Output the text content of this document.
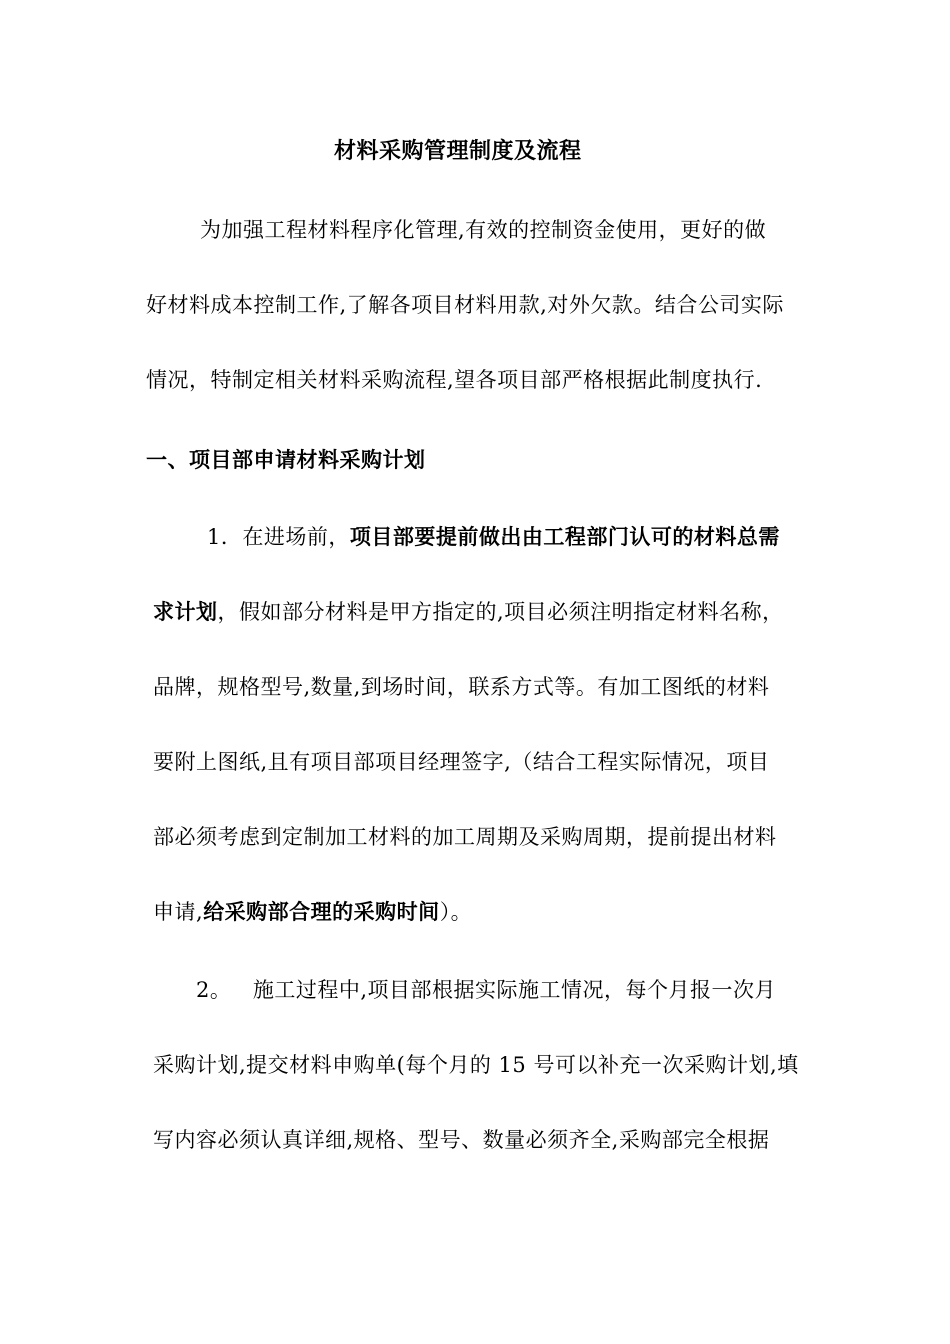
材料采购管理制度及流程
为加强工程材料程序化管理,有效的控制资金使用，更好的做
好材料成本控制工作,了解各项目材料用款,对外欠款。结合公司实际
情况，特制定相关材料采购流程,望各项目部严格根据此制度执行.
一、项目部申请材料采购计划
1．在进场前，项目部要提前做出由工程部门认可的材料总需
求计划，假如部分材料是甲方指定的,项目必须注明指定材料名称，
品牌，规格型号,数量,到场时间，联系方式等。有加工图纸的材料
要附上图纸,且有项目部项目经理签字,（结合工程实际情况，项目
部必须考虑到定制加工材料的加工周期及采购周期，提前提出材料
申请,给采购部合理的采购时间）。
2。   施工过程中,项目部根据实际施工情况，每个月报一次月
采购计划,提交材料申购单(每个月的 15 号可以补充一次采购计划,填
写内容必须认真详细,规格、型号、数量必须齐全,采购部完全根据
